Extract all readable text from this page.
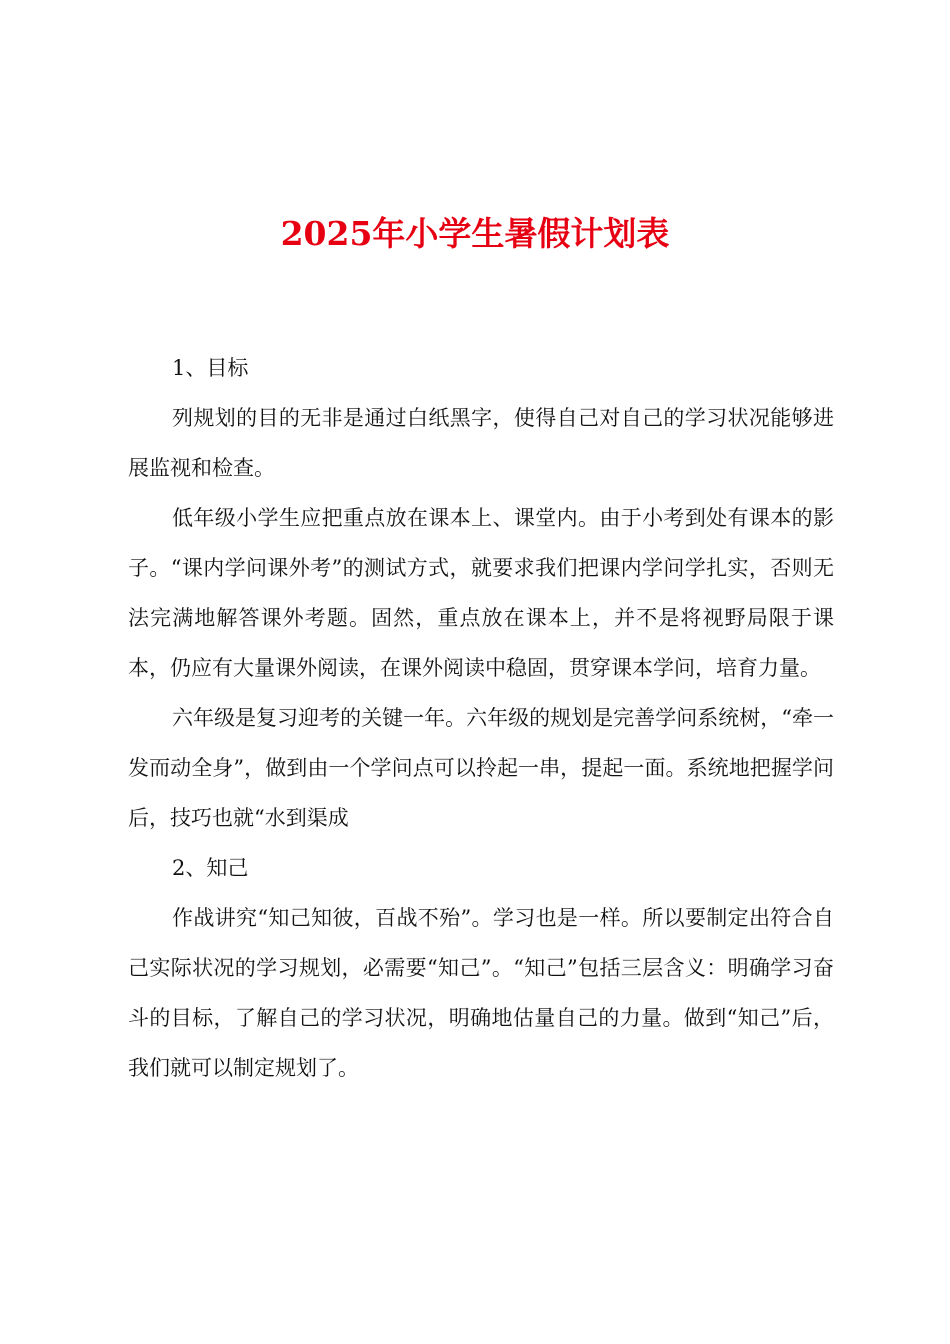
2025年小学生暑假计划表

1、目标

列规划的目的无非是通过白纸黑字，使得自己对自己的学习状况能够进展监视和检查。

低年级小学生应把重点放在课本上、课堂内。由于小考到处有课本的影子。“课内学问课外考”的测试方式，就要求我们把课内学问学扎实，否则无法完满地解答课外考题。固然，重点放在课本上，并不是将视野局限于课本，仍应有大量课外阅读，在课外阅读中稳固，贯穿课本学问，培育力量。

六年级是复习迎考的关键一年。六年级的规划是完善学问系统树，“牵一发而动全身”，做到由一个学问点可以拎起一串，提起一面。系统地把握学问后，技巧也就“水到渠成

2、知己

作战讲究“知己知彼，百战不殆”。学习也是一样。所以要制定出符合自己实际状况的学习规划，必需要“知己”。“知己”包括三层含义：明确学习奋斗的目标，了解自己的学习状况，明确地估量自己的力量。做到“知己”后，我们就可以制定规划了。
